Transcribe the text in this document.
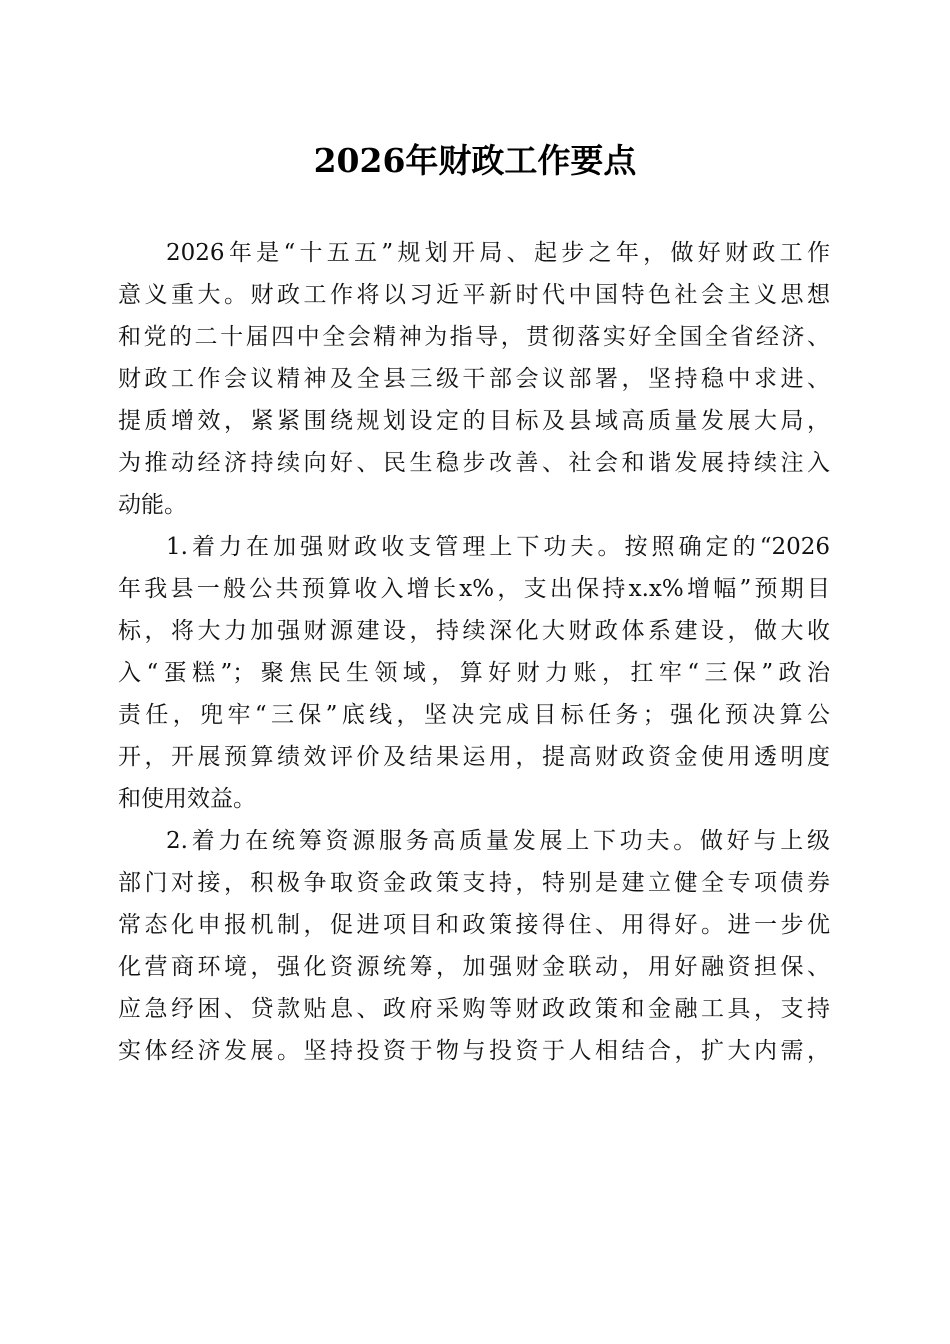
2026年财政工作要点

2026年是“十五五”规划开局、起步之年，做好财政工作
意义重大。财政工作将以习近平新时代中国特色社会主义思想
和党的二十届四中全会精神为指导，贯彻落实好全国全省经济、
财政工作会议精神及全县三级干部会议部署，坚持稳中求进、
提质增效，紧紧围绕规划设定的目标及县域高质量发展大局，
为推动经济持续向好、民生稳步改善、社会和谐发展持续注入
动能。

1.着力在加强财政收支管理上下功夫。按照确定的“2026
年我县一般公共预算收入增长x%，支出保持x.x%增幅”预期目
标，将大力加强财源建设，持续深化大财政体系建设，做大收
入“蛋糕”；聚焦民生领域，算好财力账，扛牢“三保”政治
责任，兜牢“三保”底线，坚决完成目标任务；强化预决算公
开，开展预算绩效评价及结果运用，提高财政资金使用透明度
和使用效益。

2.着力在统筹资源服务高质量发展上下功夫。做好与上级
部门对接，积极争取资金政策支持，特别是建立健全专项债券
常态化申报机制，促进项目和政策接得住、用得好。进一步优
化营商环境，强化资源统筹，加强财金联动，用好融资担保、
应急纾困、贷款贴息、政府采购等财政政策和金融工具，支持
实体经济发展。坚持投资于物与投资于人相结合，扩大内需，
